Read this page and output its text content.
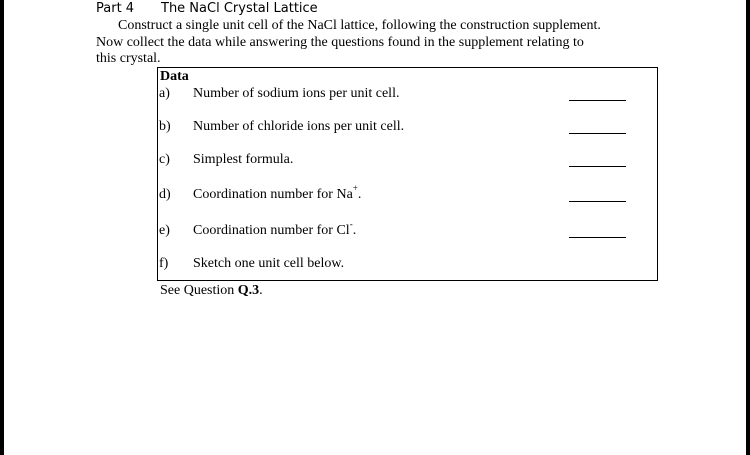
Part 4 The NaCl Crystal Lattice
Construct a single unit cell of the NaCl lattice, following the construction supplement.
Now collect the data while answering the questions found in the supplement relating to
this crystal.
Data
a) Number of sodium ions per unit cell.
b) Number of chloride ions per unit cell.
c) Simplest formula.
d) Coordination number for Na+.
e) Coordination number for Cl-.
f) Sketch one unit cell below.
See Question Q.3.
